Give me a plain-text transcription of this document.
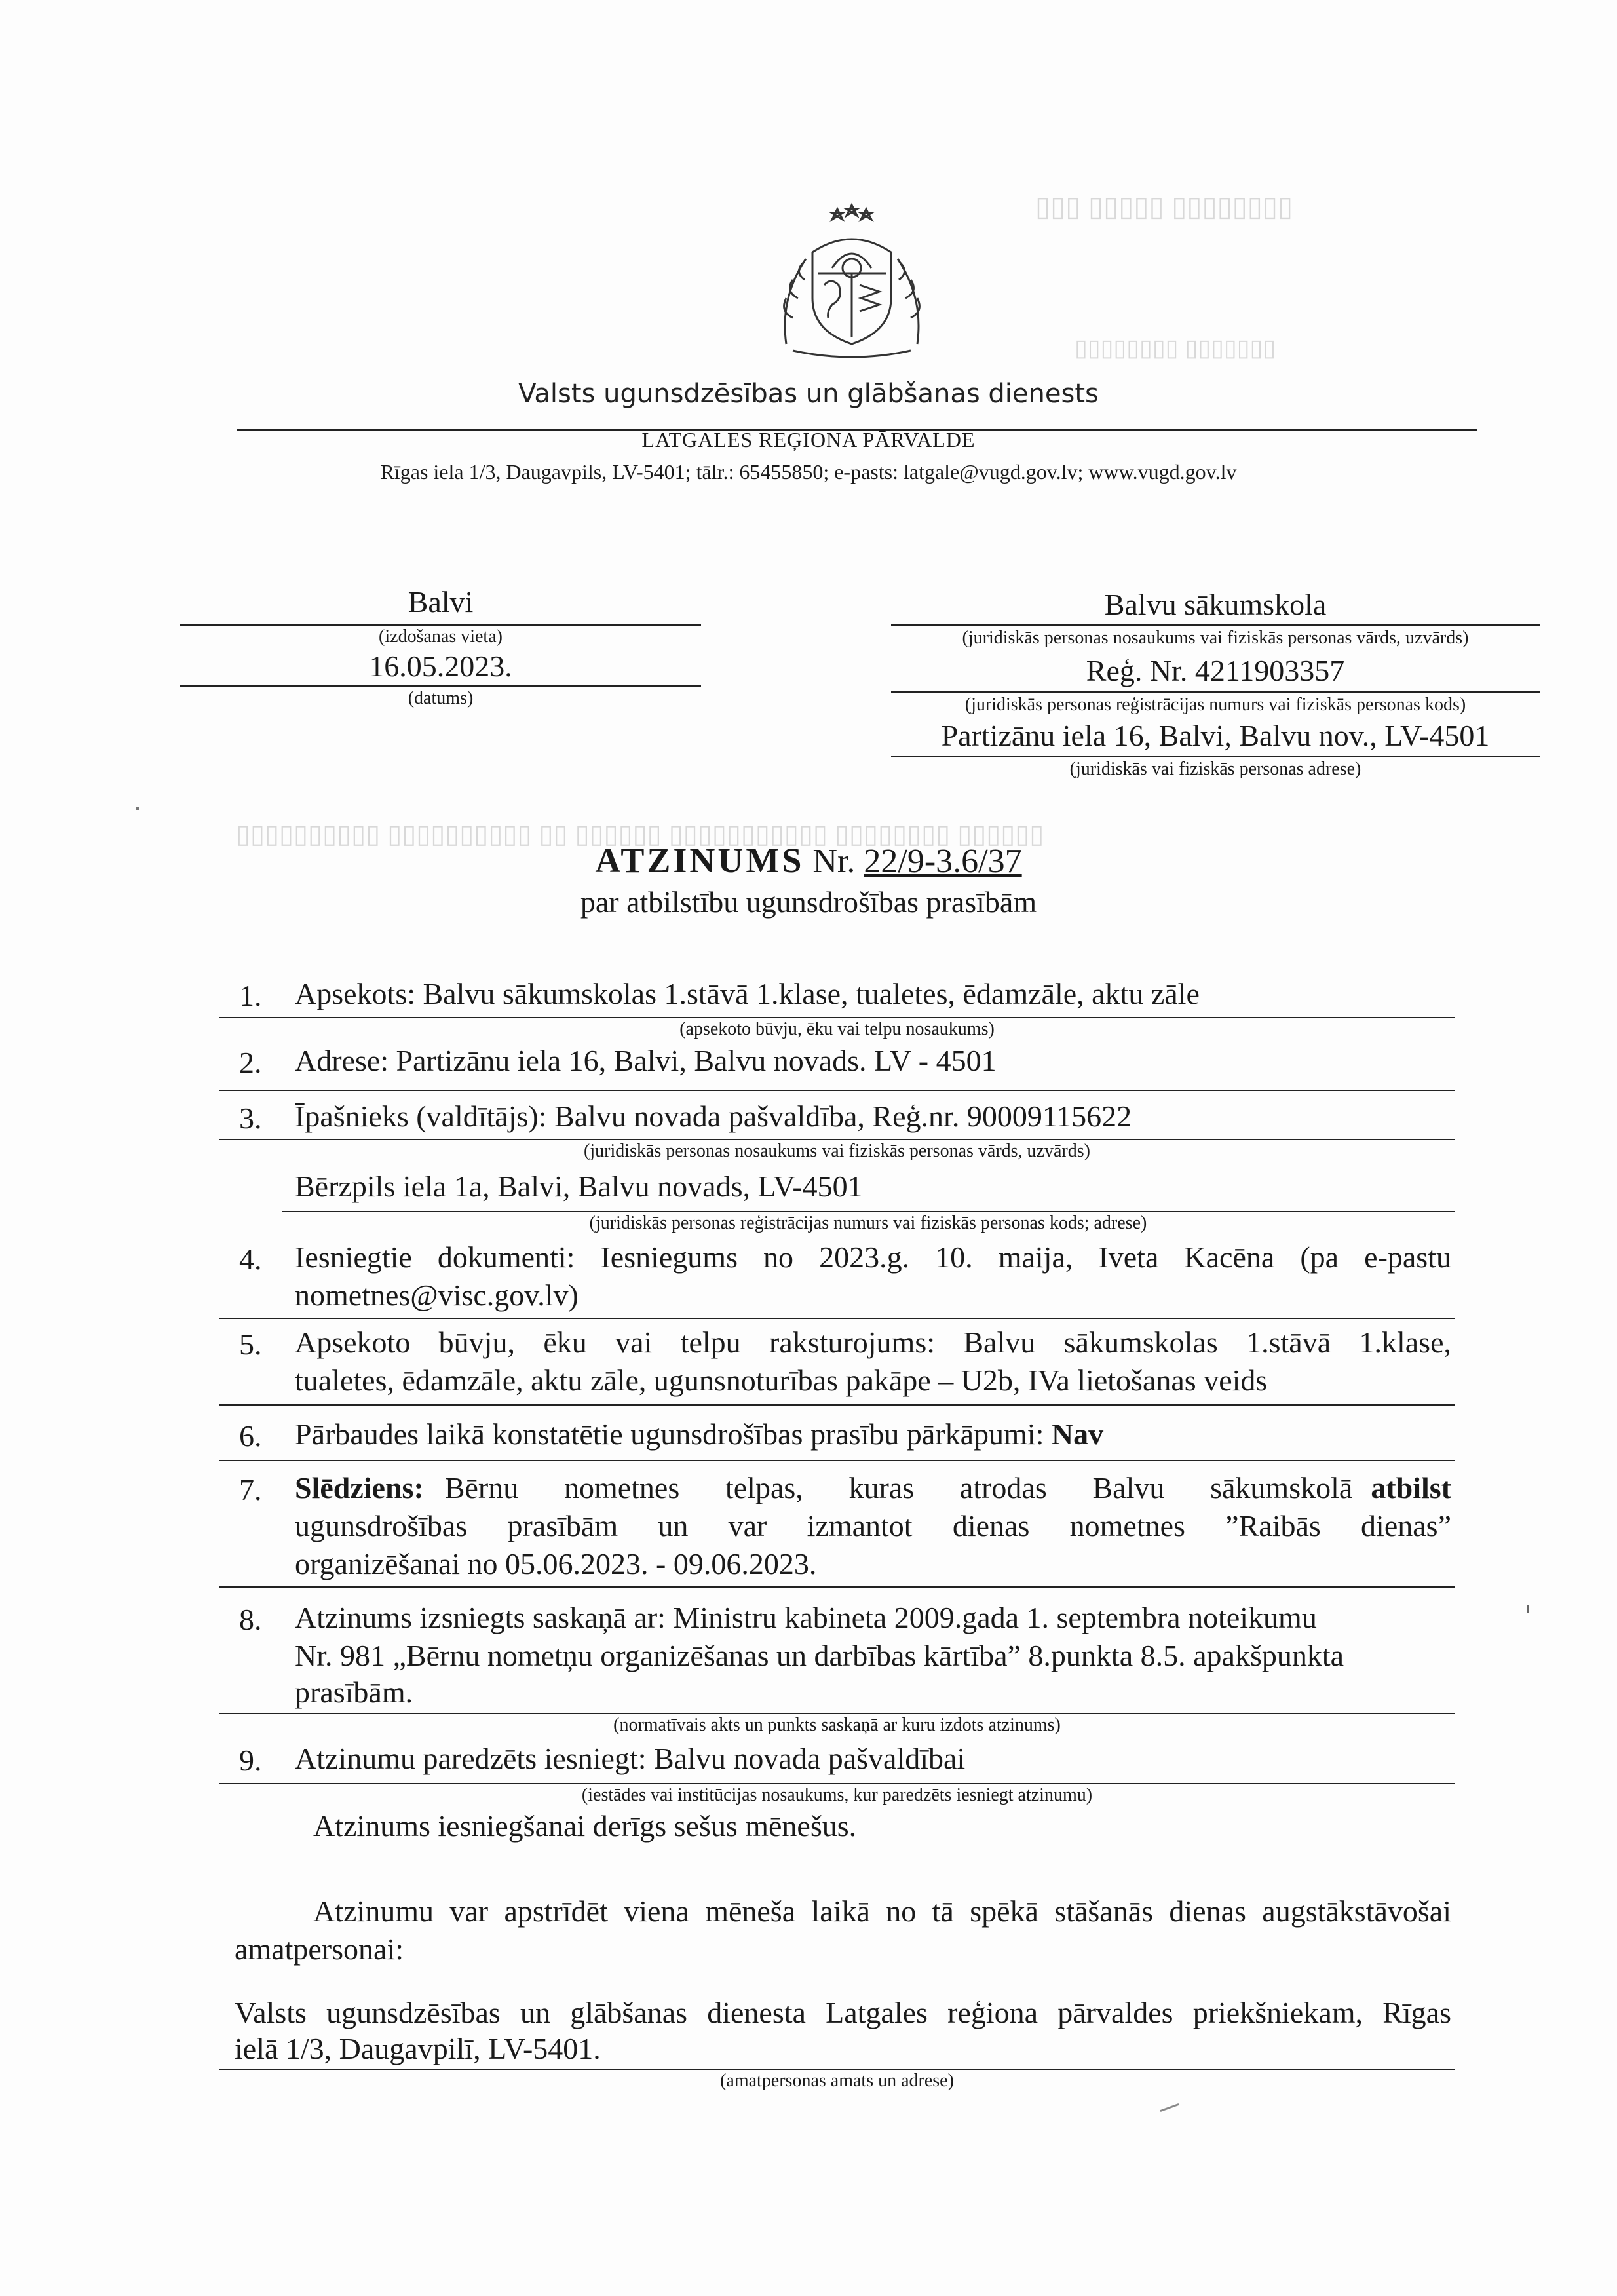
▯▯▯ ▯▯▯▯▯ ▯▯▯▯▯▯▯▯
▯▯▯▯▯▯▯▯ ▯▯▯▯▯▯▯
▯▯▯▯▯▯▯▯▯▯ ▯▯▯▯▯▯▯▯▯▯ ▯▯ ▯▯▯▯▯▯ ▯▯▯▯▯▯▯▯▯▯▯ ▯▯▯▯▯▯▯▯ ▯▯▯▯▯▯
Valsts ugunsdzēsības un glābšanas dienests
LATGALES REĢIONA PĀRVALDE
Rīgas iela 1/3, Daugavpils, LV-5401; tālr.: 65455850; e-pasts: latgale@vugd.gov.lv; www.vugd.gov.lv
Balvi
(izdošanas vieta)
16.05.2023.
(datums)
Balvu sākumskola
(juridiskās personas nosaukums vai fiziskās personas vārds, uzvārds)
Reģ. Nr. 4211903357
(juridiskās personas reģistrācijas numurs vai fiziskās personas kods)
Partizānu iela 16, Balvi, Balvu nov., LV-4501
(juridiskās vai fiziskās personas adrese)
ATZINUMS Nr. 22/9-3.6/37
par atbilstību ugunsdrošības prasībām
1. Apsekots: Balvu sākumskolas 1.stāvā 1.klase, tualetes, ēdamzāle, aktu zāle
(apsekoto būvju, ēku vai telpu nosaukums)
2. Adrese: Partizānu iela 16, Balvi, Balvu novads. LV - 4501
3. Īpašnieks (valdītājs): Balvu novada pašvaldība, Reģ.nr. 90009115622
(juridiskās personas nosaukums vai fiziskās personas vārds, uzvārds)
Bērzpils iela 1a, Balvi, Balvu novads, LV-4501
(juridiskās personas reģistrācijas numurs vai fiziskās personas kods; adrese)
4. Iesniegtie dokumenti: Iesniegums no 2023.g. 10. maija, Iveta Kacēna (pa e-pastu
nometnes@visc.gov.lv)
5. Apsekoto būvju, ēku vai telpu raksturojums: Balvu sākumskolas 1.stāvā 1.klase,
tualetes, ēdamzāle, aktu zāle, ugunsnoturības pakāpe – U2b, IVa lietošanas veids
6. Pārbaudes laikā konstatētie ugunsdrošības prasību pārkāpumi: Nav
7. Slēdziens: Bērnu nometnes telpas, kuras atrodas Balvu sākumskolā atbilst
ugunsdrošības prasībām un var izmantot dienas nometnes ”Raibās dienas”
organizēšanai no 05.06.2023. - 09.06.2023.
8. Atzinums izsniegts saskaņā ar: Ministru kabineta 2009.gada 1. septembra noteikumu
Nr. 981 „Bērnu nometņu organizēšanas un darbības kārtība” 8.punkta 8.5. apakšpunkta
prasībām.
(normatīvais akts un punkts saskaņā ar kuru izdots atzinums)
9. Atzinumu paredzēts iesniegt: Balvu novada pašvaldībai
(iestādes vai institūcijas nosaukums, kur paredzēts iesniegt atzinumu)
Atzinums iesniegšanai derīgs sešus mēnešus.
Atzinumu var apstrīdēt viena mēneša laikā no tā spēkā stāšanās dienas augstākstāvošai
amatpersonai:
Valsts ugunsdzēsības un glābšanas dienesta Latgales reģiona pārvaldes priekšniekam, Rīgas
ielā 1/3, Daugavpilī, LV-5401.
(amatpersonas amats un adrese)
